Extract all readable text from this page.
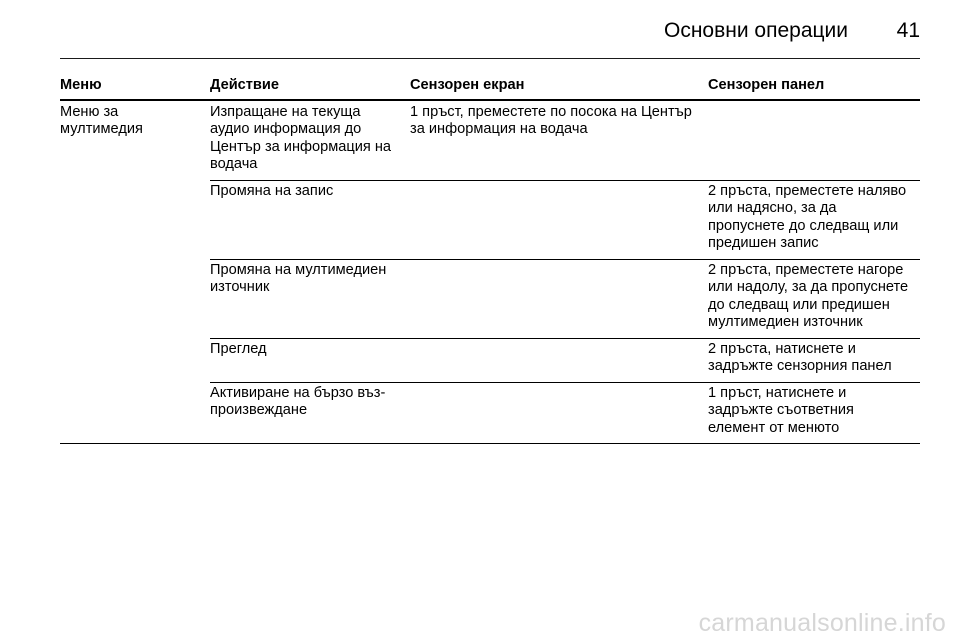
Основни операции 41
Меню	Действие	Сензорен екран	Сензорен панел
Меню за мултимедия	Изпращане на текуща аудио информация до Център за информация на водача	1 пръст, преместете по посока на Център за информация на водача	
	Промяна на запис		2 пръста, преместете наляво или надясно, за да пропуснете до следващ или предишен запис
	Промяна на мултимедиен източник		2 пръста, преместете нагоре или надолу, за да пропуснете до следващ или предишен мултимедиен източник
	Преглед		2 пръста, натиснете и задръжте сензорния панел
	Активиране на бързо въз-произвеждане		1 пръст, натиснете и задръжте съответния елемент от менюто
carmanualsonline.info
